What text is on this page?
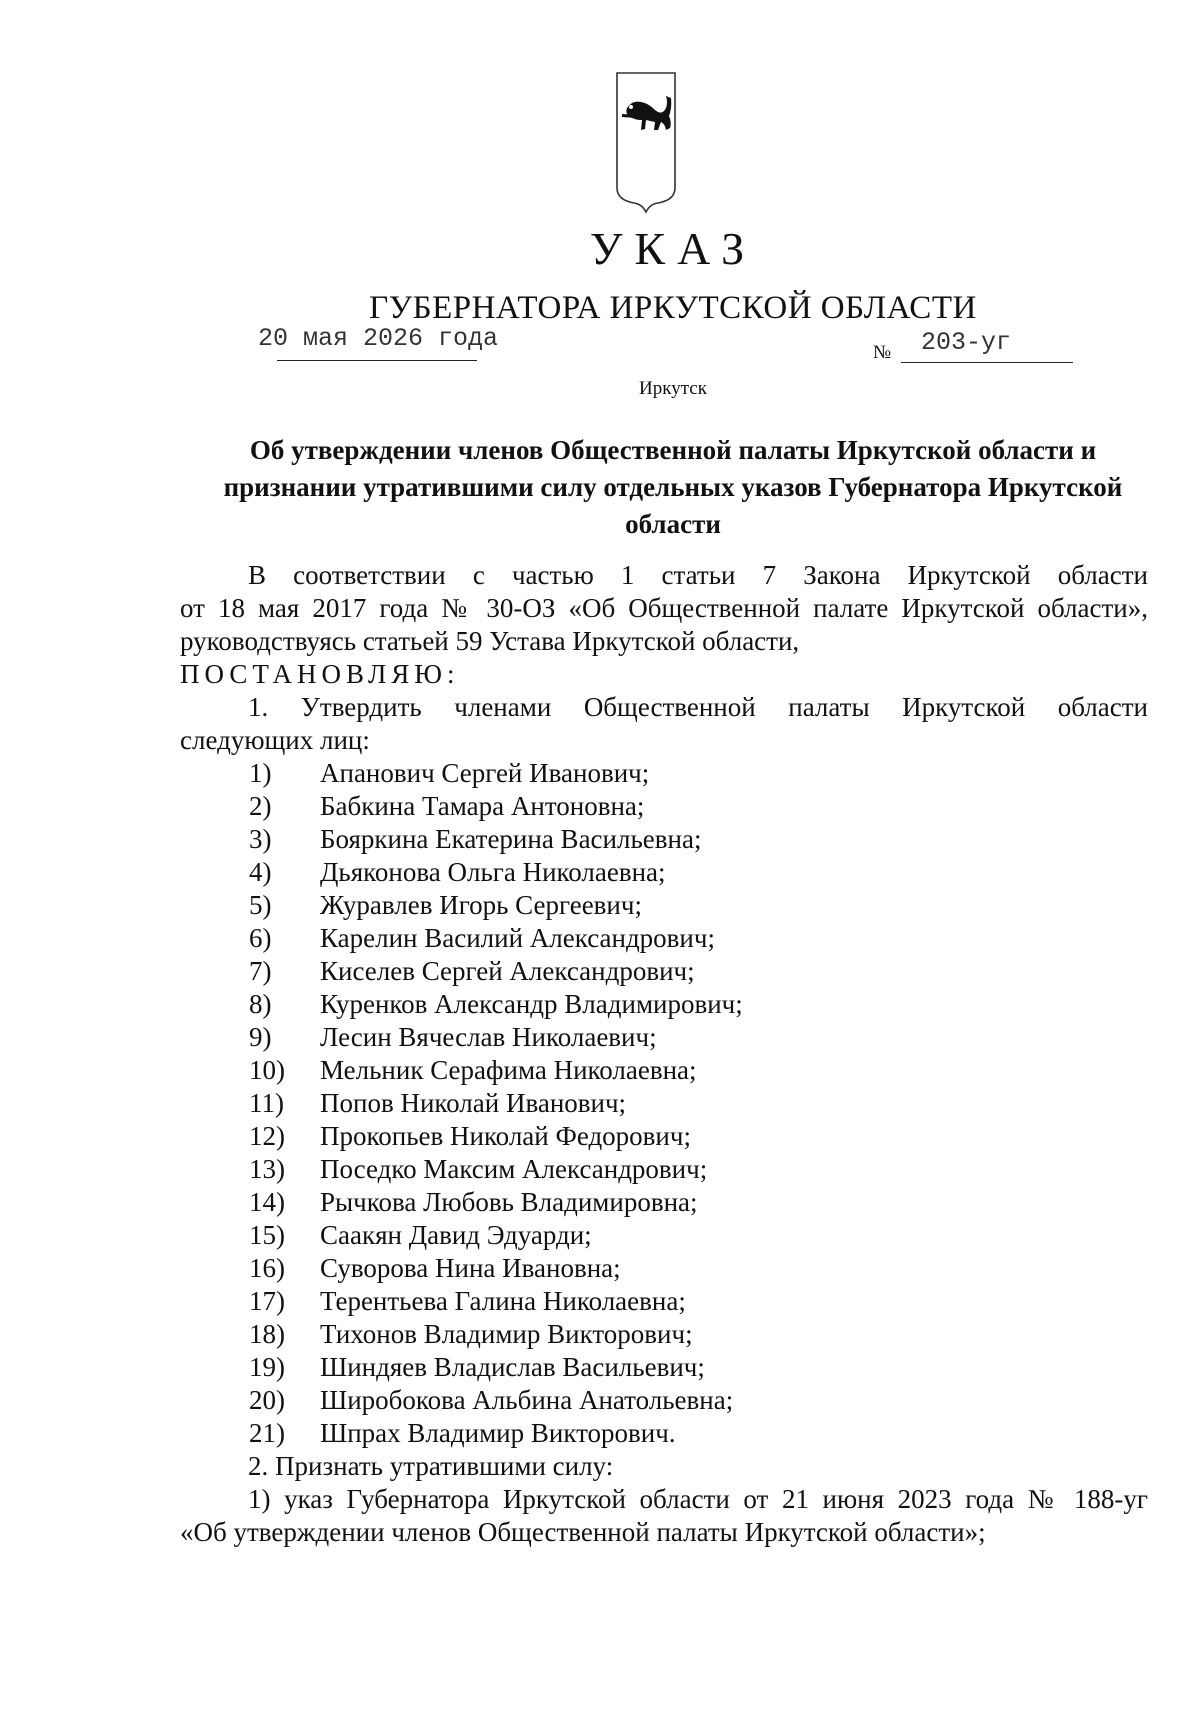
УКАЗ
ГУБЕРНАТОРА ИРКУТСКОЙ ОБЛАСТИ
20 мая 2026 года	№ 203-уг
Иркутск
Об утверждении членов Общественной палаты Иркутской области и
признании утратившими силу отдельных указов Губернатора Иркутской
области
В соответствии с частью 1 статьи 7 Закона Иркутской области
от 18 мая 2017 года № 30-ОЗ «Об Общественной палате Иркутской области»,
руководствуясь статьей 59 Устава Иркутской области,
ПОСТАНОВЛЯЮ:
1. Утвердить членами Общественной палаты Иркутской области
следующих лиц:
1)	Апанович Сергей Иванович;
2)	Бабкина Тамара Антоновна;
3)	Бояркина Екатерина Васильевна;
4)	Дьяконова Ольга Николаевна;
5)	Журавлев Игорь Сергеевич;
6)	Карелин Василий Александрович;
7)	Киселев Сергей Александрович;
8)	Куренков Александр Владимирович;
9)	Лесин Вячеслав Николаевич;
10)	Мельник Серафима Николаевна;
11)	Попов Николай Иванович;
12)	Прокопьев Николай Федорович;
13)	Поседко Максим Александрович;
14)	Рычкова Любовь Владимировна;
15)	Саакян Давид Эдуарди;
16)	Суворова Нина Ивановна;
17)	Терентьева Галина Николаевна;
18)	Тихонов Владимир Викторович;
19)	Шиндяев Владислав Васильевич;
20)	Широбокова Альбина Анатольевна;
21)	Шпрах Владимир Викторович.
2. Признать утратившими силу:
1) указ Губернатора Иркутской области от 21 июня 2023 года № 188-уг
«Об утверждении членов Общественной палаты Иркутской области»;
